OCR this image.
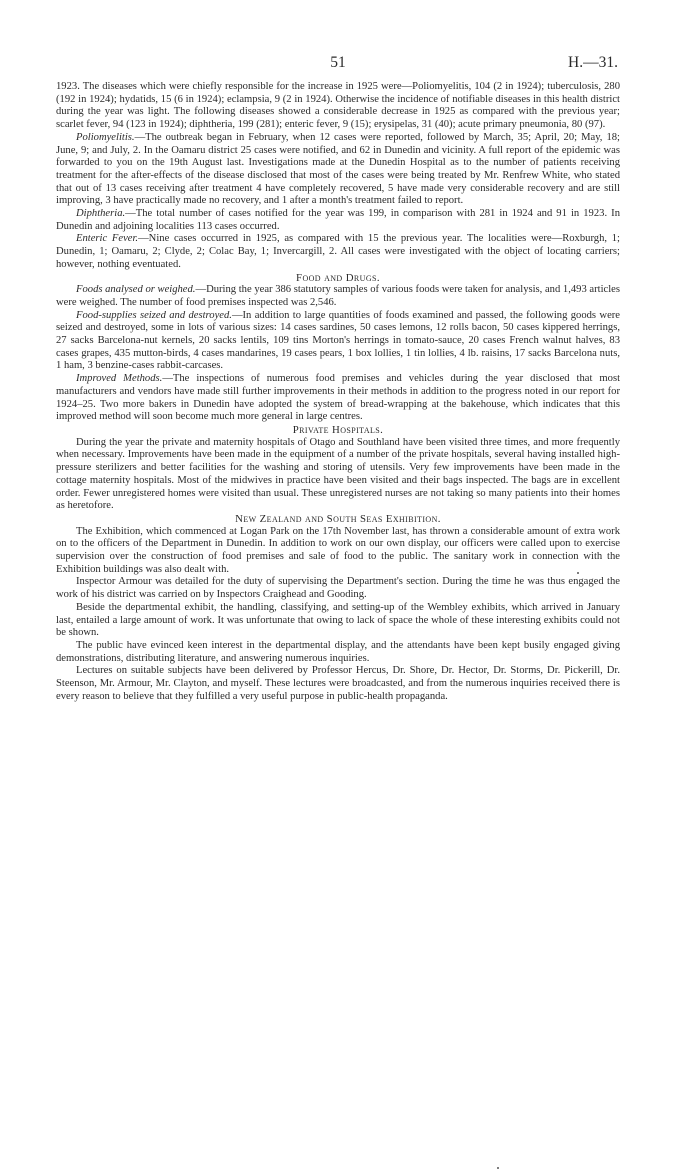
51	H.—31.

1923. The diseases which were chiefly responsible for the increase in 1925 were—Poliomyelitis, 104 (2 in 1924); tuberculosis, 280 (192 in 1924); hydatids, 15 (6 in 1924); eclampsia, 9 (2 in 1924). Otherwise the incidence of notifiable diseases in this health district during the year was light. The following diseases showed a considerable decrease in 1925 as compared with the previous year; scarlet fever, 94 (123 in 1924); diphtheria, 199 (281); enteric fever, 9 (15); erysipelas, 31 (40); acute primary pneumonia, 80 (97).

Poliomyelitis.—The outbreak began in February, when 12 cases were reported, followed by March, 35; April, 20; May, 18; June, 9; and July, 2. In the Oamaru district 25 cases were notified, and 62 in Dunedin and vicinity. A full report of the epidemic was forwarded to you on the 19th August last. Investigations made at the Dunedin Hospital as to the number of patients receiving treatment for the after-effects of the disease disclosed that most of the cases were being treated by Mr. Renfrew White, who stated that out of 13 cases receiving after treatment 4 have completely recovered, 5 have made very considerable recovery and are still improving, 3 have practically made no recovery, and 1 after a month's treatment failed to report.

Diphtheria.—The total number of cases notified for the year was 199, in comparison with 281 in 1924 and 91 in 1923. In Dunedin and adjoining localities 113 cases occurred.

Enteric Fever.—Nine cases occurred in 1925, as compared with 15 the previous year. The localities were—Roxburgh, 1; Dunedin, 1; Oamaru, 2; Clyde, 2; Colac Bay, 1; Invercargill, 2. All cases were investigated with the object of locating carriers; however, nothing eventuated.

Food and Drugs.

Foods analysed or weighed.—During the year 386 statutory samples of various foods were taken for analysis, and 1,493 articles were weighed. The number of food premises inspected was 2,546.

Food-supplies seized and destroyed.—In addition to large quantities of foods examined and passed, the following goods were seized and destroyed, some in lots of various sizes: 14 cases sardines, 50 cases lemons, 12 rolls bacon, 50 cases kippered herrings, 27 sacks Barcelona-nut kernels, 20 sacks lentils, 109 tins Morton's herrings in tomato-sauce, 20 cases French walnut halves, 83 cases grapes, 435 mutton-birds, 4 cases mandarines, 19 cases pears, 1 box lollies, 1 tin lollies, 4 lb. raisins, 17 sacks Barcelona nuts, 1 ham, 3 benzine-cases rabbit-carcases.

Improved Methods.—The inspections of numerous food premises and vehicles during the year disclosed that most manufacturers and vendors have made still further improvements in their methods in addition to the progress noted in our report for 1924–25. Two more bakers in Dunedin have adopted the system of bread-wrapping at the bakehouse, which indicates that this improved method will soon become much more general in large centres.

Private Hospitals.

During the year the private and maternity hospitals of Otago and Southland have been visited three times, and more frequently when necessary. Improvements have been made in the equipment of a number of the private hospitals, several having installed high-pressure sterilizers and better facilities for the washing and storing of utensils. Very few improvements have been made in the cottage maternity hospitals. Most of the midwives in practice have been visited and their bags inspected. The bags are in excellent order. Fewer unregistered homes were visited than usual. These unregistered nurses are not taking so many patients into their homes as heretofore.

New Zealand and South Seas Exhibition.

The Exhibition, which commenced at Logan Park on the 17th November last, has thrown a considerable amount of extra work on to the officers of the Department in Dunedin. In addition to work on our own display, our officers were called upon to exercise supervision over the construction of food premises and sale of food to the public. The sanitary work in connection with the Exhibition buildings was also dealt with.

Inspector Armour was detailed for the duty of supervising the Department's section. During the time he was thus engaged the work of his district was carried on by Inspectors Craighead and Gooding.

Beside the departmental exhibit, the handling, classifying, and setting-up of the Wembley exhibits, which arrived in January last, entailed a large amount of work. It was unfortunate that owing to lack of space the whole of these interesting exhibits could not be shown.

The public have evinced keen interest in the departmental display, and the attendants have been kept busily engaged giving demonstrations, distributing literature, and answering numerous inquiries.

Lectures on suitable subjects have been delivered by Professor Hercus, Dr. Shore, Dr. Hector, Dr. Storms, Dr. Pickerill, Dr. Steenson, Mr. Armour, Mr. Clayton, and myself. These lectures were broadcasted, and from the numerous inquiries received there is every reason to believe that they fulfilled a very useful purpose in public-health propaganda.
